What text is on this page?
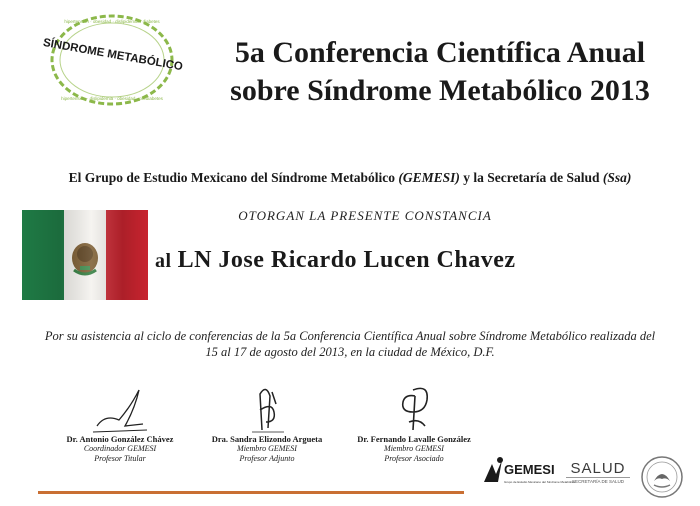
SÍNDROME METABÓLICO
hipertensión · obesidad · dislipidemia · diabetes
hipertensión · dislipidemia · obesidad · prediabetes
5a Conferencia Científica Anual
sobre Síndrome Metabólico 2013
El Grupo de Estudio Mexicano del Síndrome Metabólico (GEMESI) y la Secretaría de Salud (Ssa)
OTORGAN LA PRESENTE CONSTANCIA
al LN Jose Ricardo Lucen Chavez
Por su asistencia al ciclo de conferencias de la 5a Conferencia Científica Anual sobre Síndrome Metabólico realizada del
15 al 17 de agosto del 2013, en la ciudad de México, D.F.
Dr. Antonio González Chávez
Coordinador GEMESI
Profesor Titular
Dra. Sandra Elizondo Argueta
Miembro GEMESI
Profesor Adjunto
Dr. Fernando Lavalle González
Miembro GEMESI
Profesor Asociado
GEMESI
Grupo de Estudio Mexicano del Síndrome Metabólico
SALUD
SECRETARÍA DE SALUD
